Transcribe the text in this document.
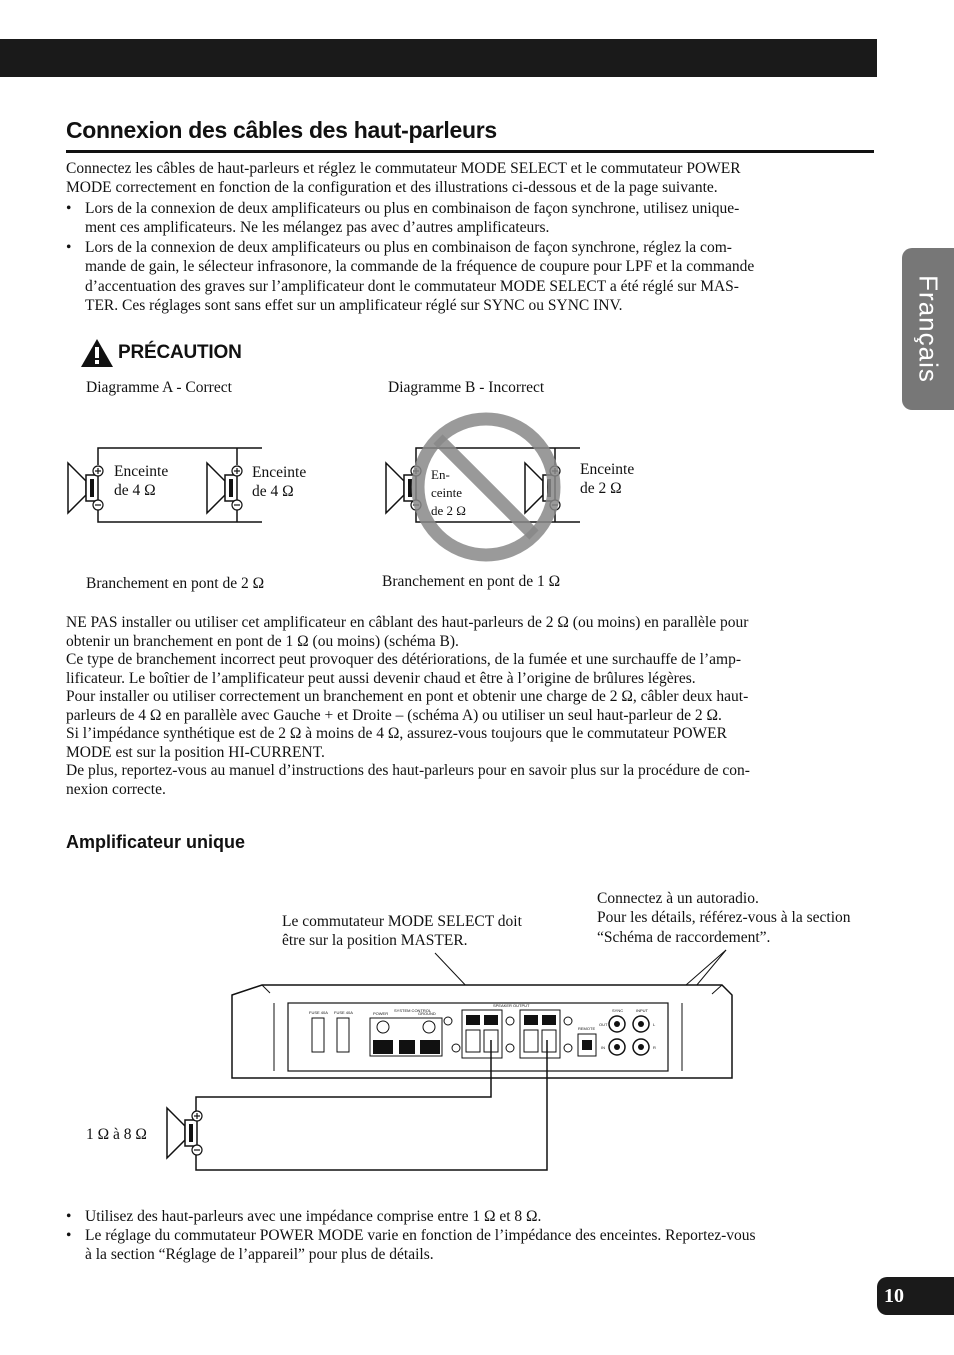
Français
10
Connexion des câbles des haut-parleurs
Connectez les câbles de haut-parleurs et réglez le commutateur MODE SELECT et le commutateur POWER
MODE correctement en fonction de la configuration et des illustrations ci-dessous et de la page suivante.
• Lors de la connexion de deux amplificateurs ou plus en combinaison de façon synchrone, utilisez unique-
ment ces amplificateurs. Ne les mélangez pas avec d’autres amplificateurs.
• Lors de la connexion de deux amplificateurs ou plus en combinaison de façon synchrone, réglez la com-
mande de gain, le sélecteur infrasonore, la commande de la fréquence de coupure pour LPF et la commande
d’accentuation des graves sur l’amplificateur dont le commutateur MODE SELECT a été réglé sur MAS-
TER. Ces réglages sont sans effet sur un amplificateur réglé sur SYNC ou SYNC INV.
PRÉCAUTION
Diagramme A - Correct	Diagramme B - Incorrect
FUSE 40A FUSE 40A	POWER
SYSTEM CONTROL
GROUND
SPEAKER OUTPUT
REMOTE
SYNC	INPUT
OUT
IN
L
R
Enceinte
de 4 Ω
Enceinte
de 4 Ω
Branchement en pont de 2 Ω
En-
ceinte
de 2 Ω
Enceinte
de 2 Ω
Branchement en pont de 1 Ω
NE PAS installer ou utiliser cet amplificateur en câblant des haut-parleurs de 2 Ω (ou moins) en parallèle pour
obtenir un branchement en pont de 1 Ω (ou moins) (schéma B).
Ce type de branchement incorrect peut provoquer des détériorations, de la fumée et une surchauffe de l’amp-
lificateur. Le boîtier de l’amplificateur peut aussi devenir chaud et être à l’origine de brûlures légères.
Pour installer ou utiliser correctement un branchement en pont et obtenir une charge de 2 Ω, câbler deux haut-
parleurs de 4 Ω en parallèle avec Gauche + et Droite – (schéma A) ou utiliser un seul haut-parleur de 2 Ω.
Si l’impédance synthétique est de 2 Ω à moins de 4 Ω, assurez-vous toujours que le commutateur POWER
MODE est sur la position HI-CURRENT.
De plus, reportez-vous au manuel d’instructions des haut-parleurs pour en savoir plus sur la procédure de con-
nexion correcte.
Amplificateur unique
Le commutateur MODE SELECT doit
être sur la position MASTER.
Connectez à un autoradio.
Pour les détails, référez-vous à la section
“Schéma de raccordement”.
1 Ω à 8 Ω
• Utilisez des haut-parleurs avec une impédance comprise entre 1 Ω et 8 Ω.
• Le réglage du commutateur POWER MODE varie en fonction de l’impédance des enceintes. Reportez-vous
à la section “Réglage de l’appareil” pour plus de détails.
